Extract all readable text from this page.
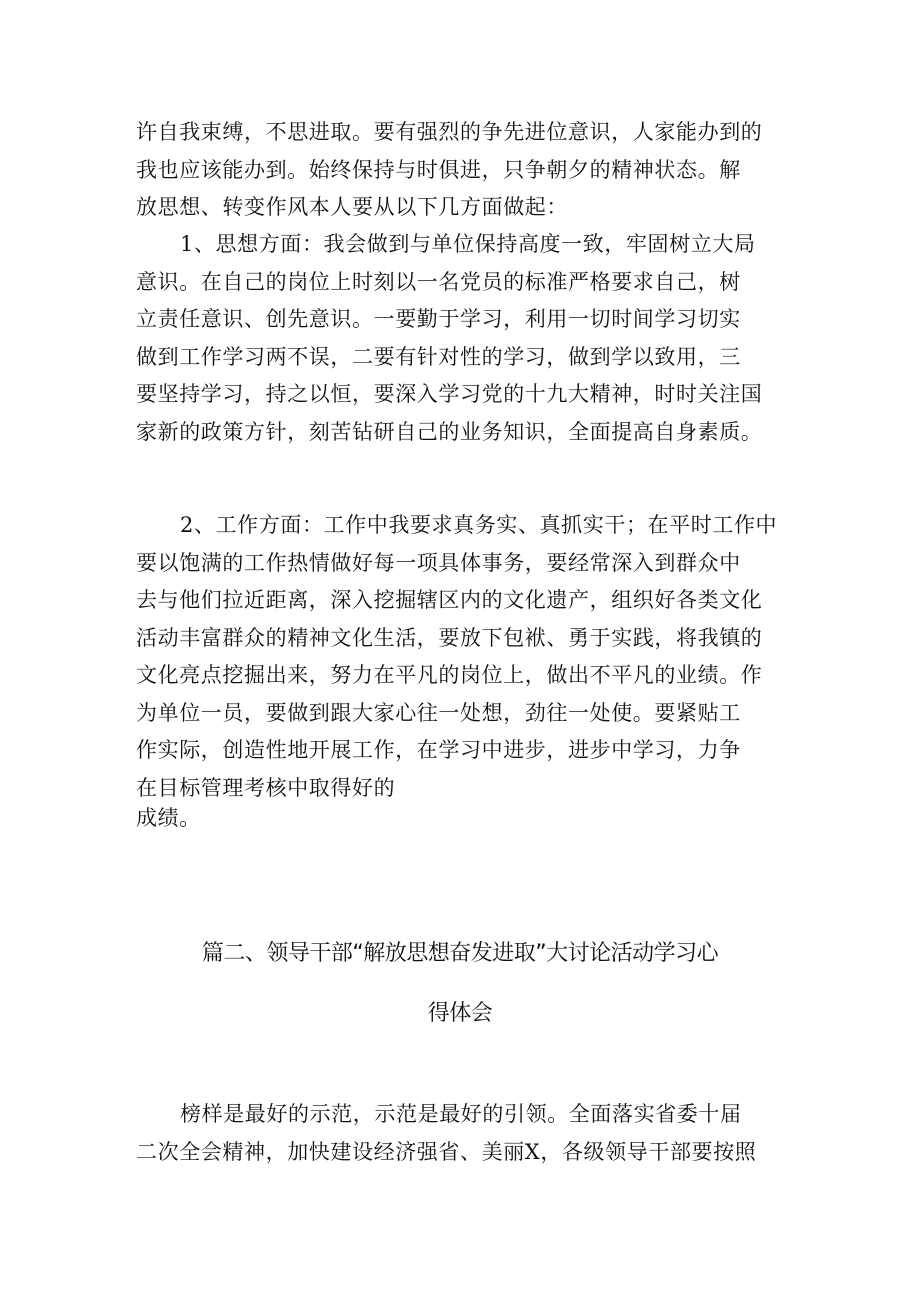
许自我束缚，不思进取。要有强烈的争先进位意识，人家能办到的
我也应该能办到。始终保持与时俱进，只争朝夕的精神状态。解
放思想、转变作风本人要从以下几方面做起：
1、思想方面：我会做到与单位保持高度一致，牢固树立大局
意识。在自己的岗位上时刻以一名党员的标准严格要求自己，树
立责任意识、创先意识。一要勤于学习，利用一切时间学习切实
做到工作学习两不误，二要有针对性的学习，做到学以致用，三
要坚持学习，持之以恒，要深入学习党的十九大精神，时时关注国
家新的政策方针，刻苦钻研自己的业务知识，全面提高自身素质。
2、工作方面：工作中我要求真务实、真抓实干；在平时工作中
要以饱满的工作热情做好每一项具体事务，要经常深入到群众中
去与他们拉近距离，深入挖掘辖区内的文化遗产，组织好各类文化
活动丰富群众的精神文化生活，要放下包袱、勇于实践，将我镇的
文化亮点挖掘出来，努力在平凡的岗位上，做出不平凡的业绩。作
为单位一员，要做到跟大家心往一处想，劲往一处使。要紧贴工
作实际，创造性地开展工作，在学习中进步，进步中学习，力争
在目标管理考核中取得好的
成绩。
篇二、领导干部“解放思想奋发进取”大讨论活动学习心
得体会
榜样是最好的示范，示范是最好的引领。全面落实省委十届
二次全会精神，加快建设经济强省、美丽X，各级领导干部要按照
